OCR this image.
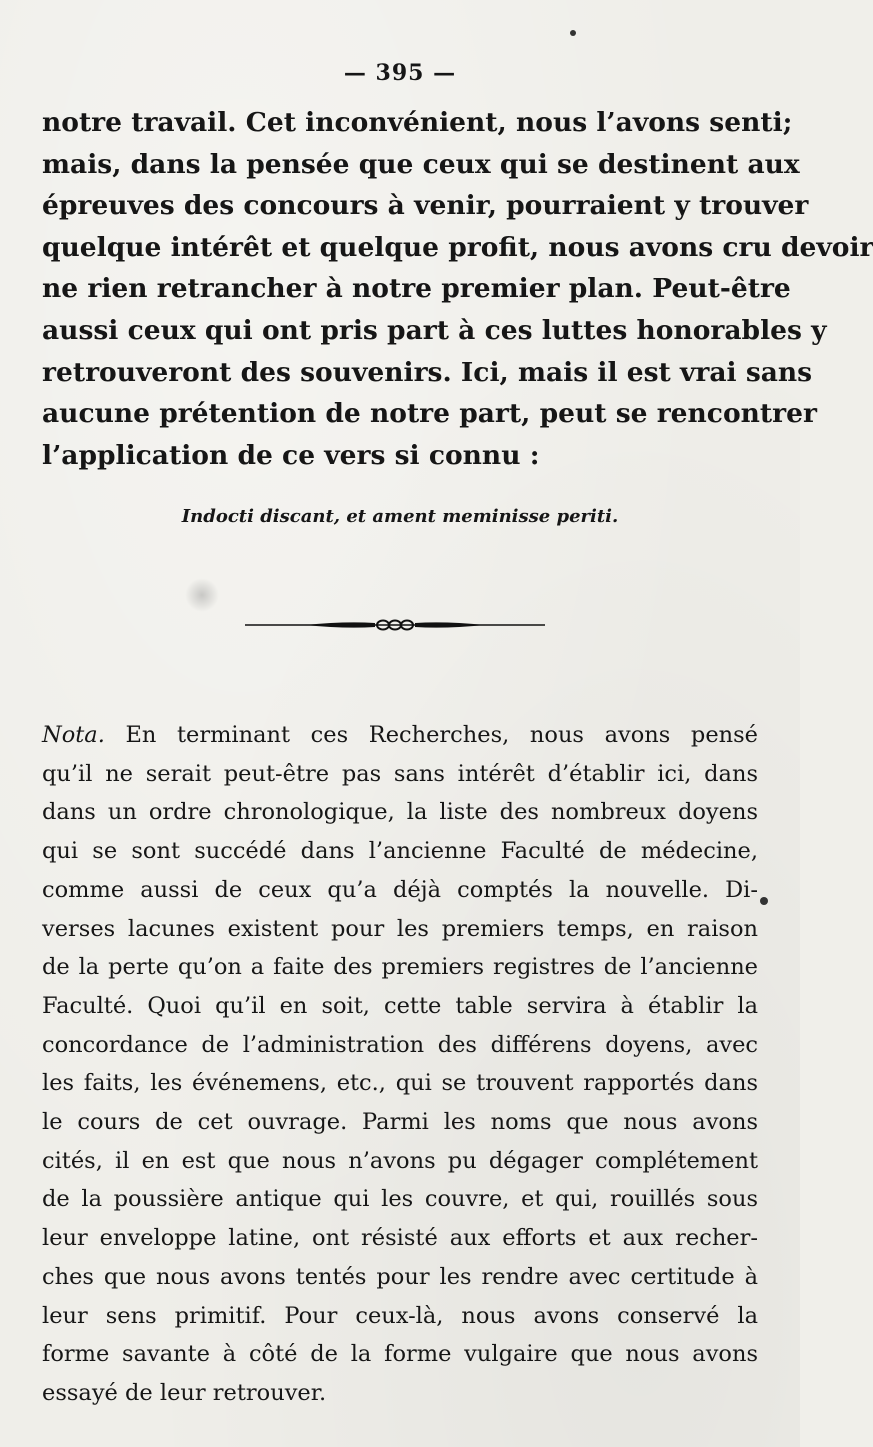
— 395 —
notre travail. Cet inconvénient, nous l’avons senti;
mais, dans la pensée que ceux qui se destinent aux
épreuves des concours à venir, pourraient y trouver
quelque intérêt et quelque profit, nous avons cru devoir
ne rien retrancher à notre premier plan. Peut-être
aussi ceux qui ont pris part à ces luttes honorables y
retrouveront des souvenirs. Ici, mais il est vrai sans
aucune prétention de notre part, peut se rencontrer
l’application de ce vers si connu :
Indocti discant, et ament meminisse periti.
Nota. En terminant ces Recherches, nous avons pensé
qu’il ne serait peut-être pas sans intérêt d’établir ici, dans
dans un ordre chronologique, la liste des nombreux doyens
qui se sont succédé dans l’ancienne Faculté de médecine,
comme aussi de ceux qu’a déjà comptés la nouvelle. Di-
verses lacunes existent pour les premiers temps, en raison
de la perte qu’on a faite des premiers registres de l’ancienne
Faculté. Quoi qu’il en soit, cette table servira à établir la
concordance de l’administration des différens doyens, avec
les faits, les événemens, etc., qui se trouvent rapportés dans
le cours de cet ouvrage. Parmi les noms que nous avons
cités, il en est que nous n’avons pu dégager complétement
de la poussière antique qui les couvre, et qui, rouillés sous
leur enveloppe latine, ont résisté aux efforts et aux recher-
ches que nous avons tentés pour les rendre avec certitude à
leur sens primitif. Pour ceux-là, nous avons conservé la
forme savante à côté de la forme vulgaire que nous avons
essayé de leur retrouver.
